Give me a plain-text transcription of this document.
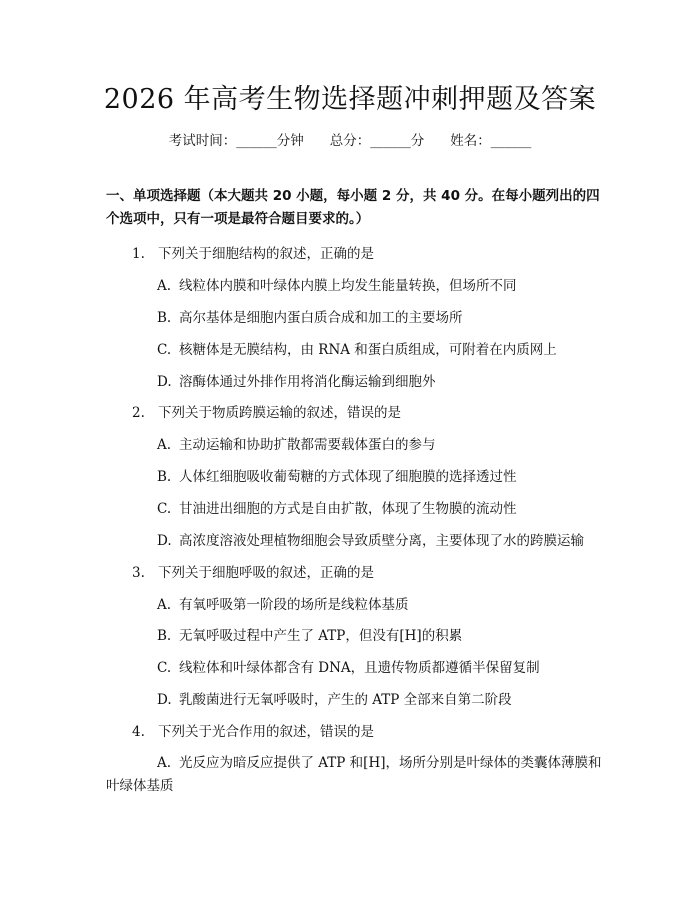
2026 年高考生物选择题冲刺押题及答案
考试时间：______分钟 总分：______分 姓名：______
一、单项选择题（本大题共 20 小题，每小题 2 分，共 40 分。在每小题列出的四个选项中，只有一项是最符合题目要求的。）
1. 下列关于细胞结构的叙述，正确的是
A. 线粒体内膜和叶绿体内膜上均发生能量转换，但场所不同
B. 高尔基体是细胞内蛋白质合成和加工的主要场所
C. 核糖体是无膜结构，由 RNA 和蛋白质组成，可附着在内质网上
D. 溶酶体通过外排作用将消化酶运输到细胞外
2. 下列关于物质跨膜运输的叙述，错误的是
A. 主动运输和协助扩散都需要载体蛋白的参与
B. 人体红细胞吸收葡萄糖的方式体现了细胞膜的选择透过性
C. 甘油进出细胞的方式是自由扩散，体现了生物膜的流动性
D. 高浓度溶液处理植物细胞会导致质壁分离，主要体现了水的跨膜运输
3. 下列关于细胞呼吸的叙述，正确的是
A. 有氧呼吸第一阶段的场所是线粒体基质
B. 无氧呼吸过程中产生了 ATP，但没有[H]的积累
C. 线粒体和叶绿体都含有 DNA，且遗传物质都遵循半保留复制
D. 乳酸菌进行无氧呼吸时，产生的 ATP 全部来自第二阶段
4. 下列关于光合作用的叙述，错误的是
A. 光反应为暗反应提供了 ATP 和[H]，场所分别是叶绿体的类囊体薄膜和叶绿体基质
